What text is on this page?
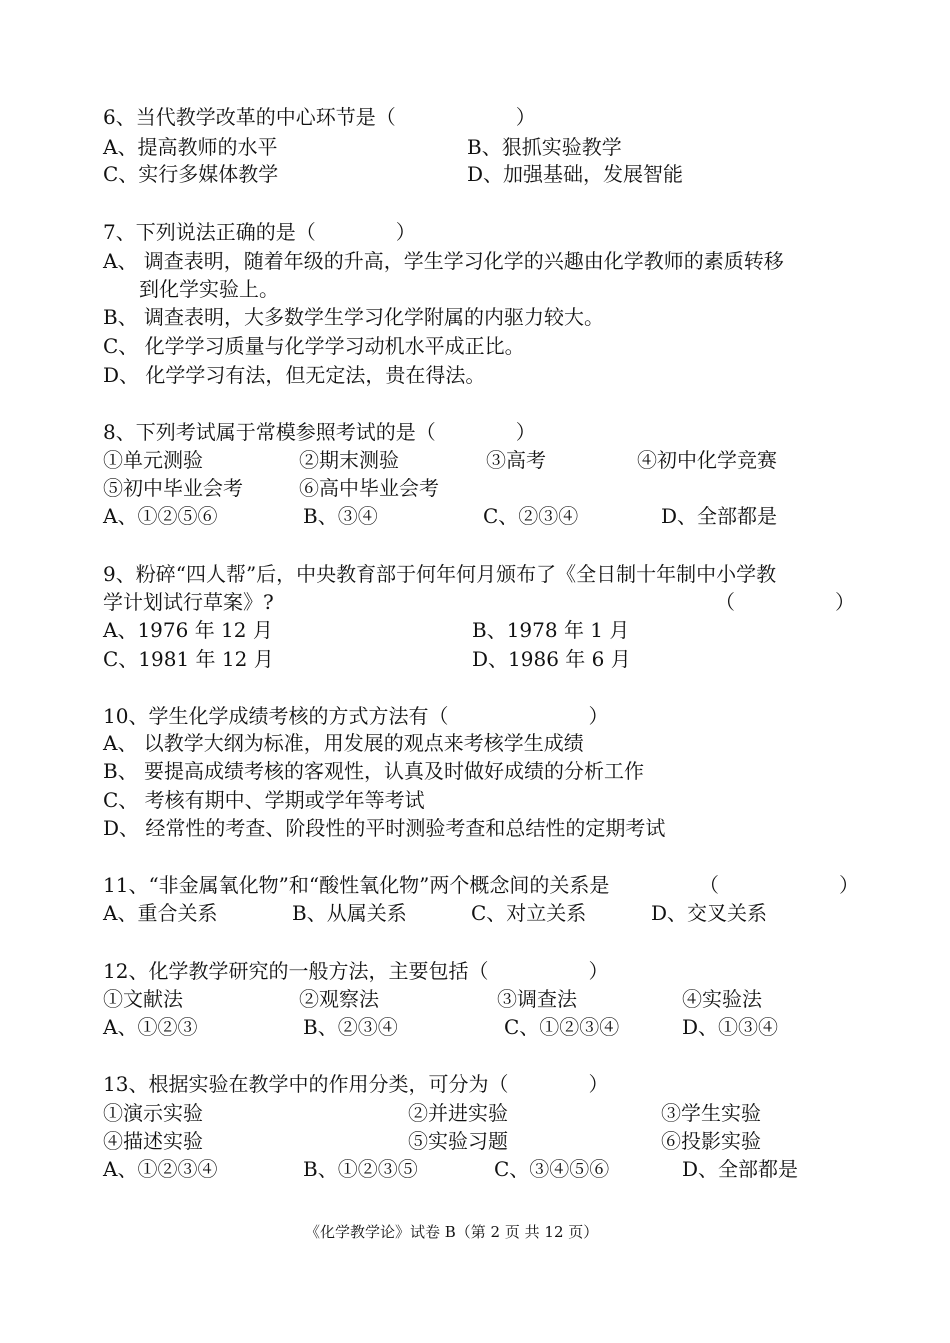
6、当代教学改革的中心环节是（　　　　　　）
A、提高教师的水平	B、狠抓实验教学
C、实行多媒体教学	D、加强基础，发展智能
7、下列说法正确的是（　　　　）
A、 调查表明，随着年级的升高，学生学习化学的兴趣由化学教师的素质转移
到化学实验上。
B、 调查表明，大多数学生学习化学附属的内驱力较大。
C、 化学学习质量与化学学习动机水平成正比。
D、 化学学习有法，但无定法，贵在得法。
8、下列考试属于常模参照考试的是（　　　　）
①单元测验	②期末测验	③高考	④初中化学竞赛
⑤初中毕业会考	⑥高中毕业会考
A、①②⑤⑥	B、③④	C、②③④	D、全部都是
9、粉碎“四人帮”后，中央教育部于何年何月颁布了《全日制十年制中小学教
学计划试行草案》?	（　　　　　）
A、1976 年 12 月	B、1978 年 1 月
C、1981 年 12 月	D、1986 年 6 月
10、学生化学成绩考核的方式方法有（　　　　　　　）
A、 以教学大纲为标准，用发展的观点来考核学生成绩
B、 要提高成绩考核的客观性，认真及时做好成绩的分析工作
C、 考核有期中、学期或学年等考试
D、 经常性的考查、阶段性的平时测验考查和总结性的定期考试
11、“非金属氧化物”和“酸性氧化物”两个概念间的关系是	（　　　　　　）
A、重合关系	B、从属关系	C、对立关系	D、交叉关系
12、化学教学研究的一般方法，主要包括（　　　　　）
①文献法	②观察法	③调查法	④实验法
A、①②③	B、②③④	C、①②③④	D、①③④
13、根据实验在教学中的作用分类，可分为（　　　　）
①演示实验	②并进实验	③学生实验
④描述实验	⑤实验习题	⑥投影实验
A、①②③④	B、①②③⑤	C、③④⑤⑥	D、全部都是
《化学教学论》试卷 B（第 2 页 共 12 页）
